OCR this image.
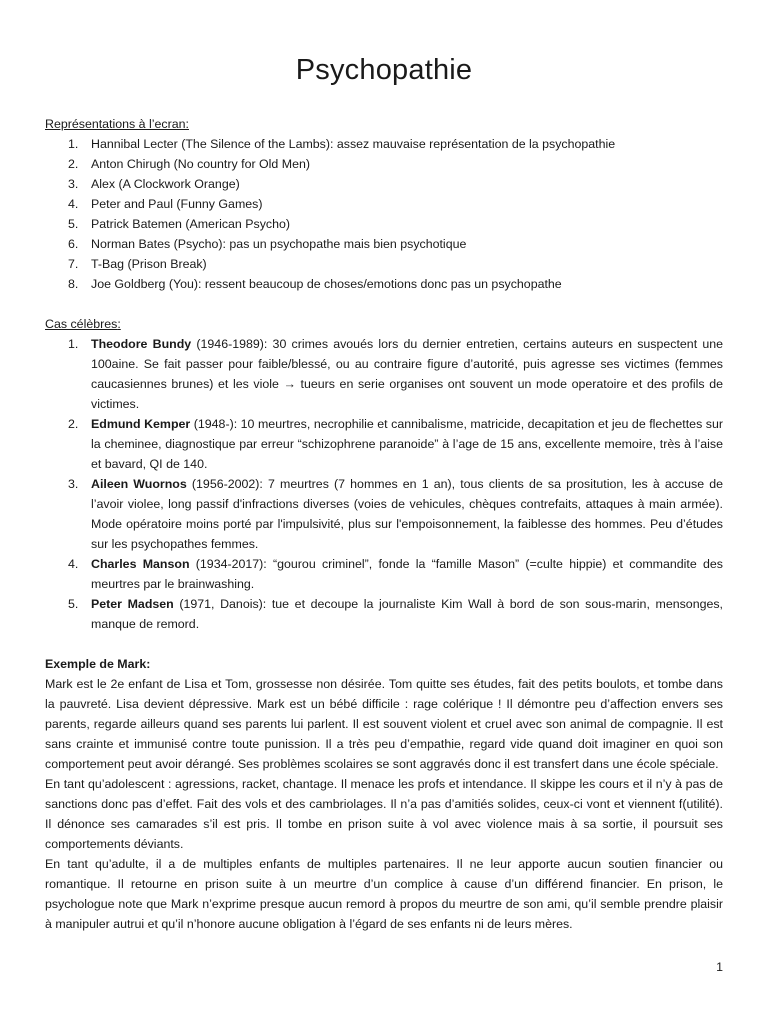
Psychopathie

Représentations à l’ecran:

1. Hannibal Lecter (The Silence of the Lambs): assez mauvaise représentation de la psychopathie
2. Anton Chirugh (No country for Old Men)
3. Alex (A Clockwork Orange)
4. Peter and Paul (Funny Games)
5. Patrick Batemen (American Psycho)
6. Norman Bates (Psycho): pas un psychopathe mais bien psychotique
7. T-Bag (Prison Break)
8. Joe Goldberg (You): ressent beaucoup de choses/emotions donc pas un psychopathe

Cas célèbres:

1. Theodore Bundy (1946-1989): 30 crimes avoués lors du dernier entretien, certains auteurs en suspectent une 100aine. Se fait passer pour faible/blessé, ou au contraire figure d’autorité, puis agresse ses victimes (femmes caucasiennes brunes) et les viole → tueurs en serie organises ont souvent un mode operatoire et des profils de victimes.
2. Edmund Kemper (1948-): 10 meurtres, necrophilie et cannibalisme, matricide, decapitation et jeu de flechettes sur la cheminee, diagnostique par erreur “schizophrene paranoide” à l’age de 15 ans, excellente memoire, très à l’aise et bavard, QI de 140.
3. Aileen Wuornos (1956-2002): 7 meurtres (7 hommes en 1 an), tous clients de sa prositution, les à accuse de l’avoir violee, long passif d'infractions diverses (voies de vehicules, chèques contrefaits, attaques à main armée). Mode opératoire moins porté par l'impulsivité, plus sur l'empoisonnement, la faiblesse des hommes. Peu d’études sur les psychopathes femmes.
4. Charles Manson (1934-2017): “gourou criminel”, fonde la “famille Mason” (=culte hippie) et commandite des meurtres par le brainwashing.
5. Peter Madsen (1971, Danois): tue et decoupe la journaliste Kim Wall à bord de son sous-marin, mensonges, manque de remord.

Exemple de Mark:

Mark est le 2e enfant de Lisa et Tom, grossesse non désirée. Tom quitte ses études, fait des petits boulots, et tombe dans la pauvreté. Lisa devient dépressive. Mark est un bébé difficile : rage colérique ! Il démontre peu d’affection envers ses parents, regarde ailleurs quand ses parents lui parlent. Il est souvent violent et cruel avec son animal de compagnie. Il est sans crainte et immunisé contre toute punission. Il a très peu d’empathie, regard vide quand doit imaginer en quoi son comportement peut avoir dérangé. Ses problèmes scolaires se sont aggravés donc il est transfert dans une école spéciale.

En tant qu’adolescent : agressions, racket, chantage. Il menace les profs et intendance. Il skippe les cours et il n’y à pas de sanctions donc pas d’effet. Fait des vols et des cambriolages. Il n’a pas d’amitiés solides, ceux-ci vont et viennent f(utilité). Il dénonce ses camarades s’il est pris. Il tombe en prison suite à vol avec violence mais à sa sortie, il poursuit ses comportements déviants.

En tant qu’adulte, il a de multiples enfants de multiples partenaires. Il ne leur apporte aucun soutien financier ou romantique. Il retourne en prison suite à un meurtre d’un complice à cause d’un différend financier. En prison, le psychologue note que Mark n’exprime presque aucun remord à propos du meurtre de son ami, qu’il semble prendre plaisir à manipuler autrui et qu’il n’honore aucune obligation à l’égard de ses enfants ni de leurs mères.

1
